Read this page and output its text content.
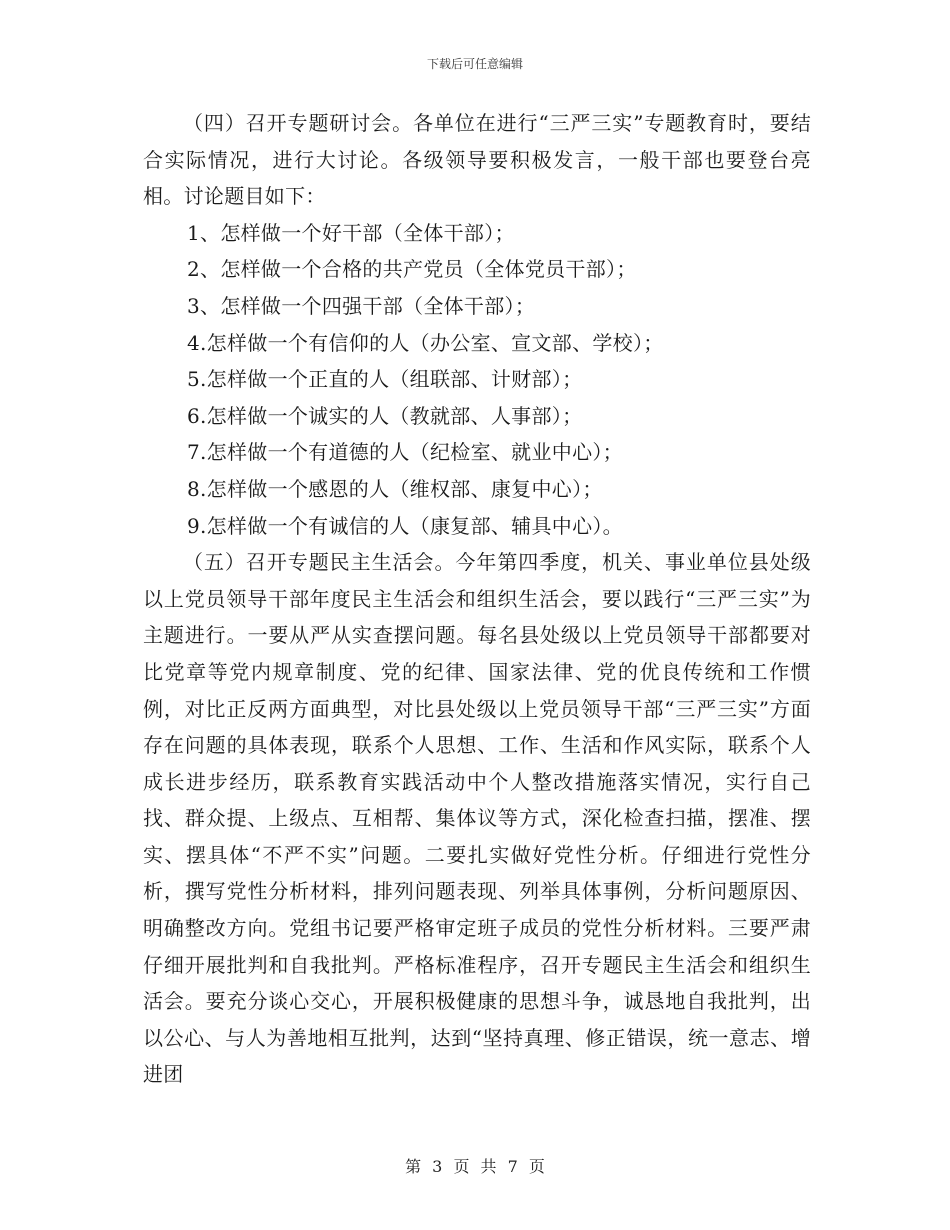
下载后可任意编辑

（四）召开专题研讨会。各单位在进行“三严三实”专题教育时，要结合实际情况，进行大讨论。各级领导要积极发言，一般干部也要登台亮相。讨论题目如下：

1、怎样做一个好干部（全体干部）；
2、怎样做一个合格的共产党员（全体党员干部）；
3、怎样做一个四强干部（全体干部）；
4.怎样做一个有信仰的人（办公室、宣文部、学校）；
5.怎样做一个正直的人（组联部、计财部）；
6.怎样做一个诚实的人（教就部、人事部）；
7.怎样做一个有道德的人（纪检室、就业中心）；
8.怎样做一个感恩的人（维权部、康复中心）；
9.怎样做一个有诚信的人（康复部、辅具中心）。

（五）召开专题民主生活会。今年第四季度，机关、事业单位县处级以上党员领导干部年度民主生活会和组织生活会，要以践行“三严三实”为主题进行。一要从严从实查摆问题。每名县处级以上党员领导干部都要对比党章等党内规章制度、党的纪律、国家法律、党的优良传统和工作惯例，对比正反两方面典型，对比县处级以上党员领导干部“三严三实”方面存在问题的具体表现，联系个人思想、工作、生活和作风实际，联系个人成长进步经历，联系教育实践活动中个人整改措施落实情况，实行自己找、群众提、上级点、互相帮、集体议等方式，深化检查扫描，摆准、摆实、摆具体“不严不实”问题。二要扎实做好党性分析。仔细进行党性分析，撰写党性分析材料，排列问题表现、列举具体事例，分析问题原因、明确整改方向。党组书记要严格审定班子成员的党性分析材料。三要严肃仔细开展批判和自我批判。严格标准程序，召开专题民主生活会和组织生活会。要充分谈心交心，开展积极健康的思想斗争，诚恳地自我批判，出以公心、与人为善地相互批判，达到“坚持真理、修正错误，统一意志、增进团

第 3 页 共 7 页
